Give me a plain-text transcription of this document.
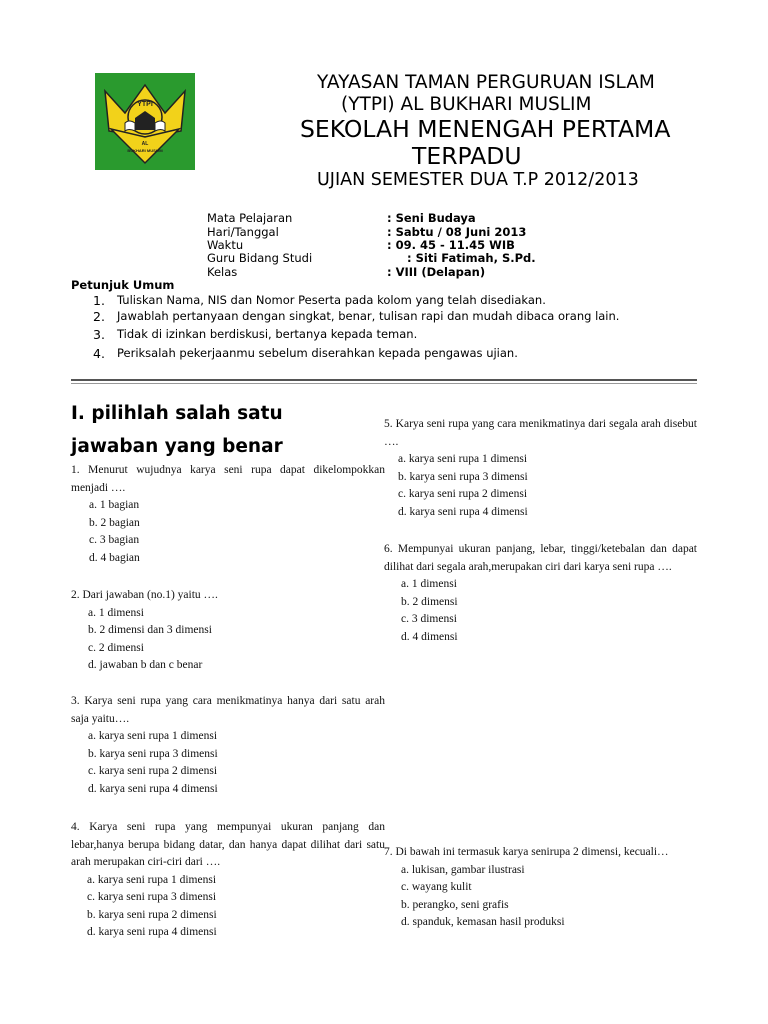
YTPI
AL
BUKHARI MUSLIM
YAYASAN TAMAN PERGURUAN ISLAM
(YTPI) AL BUKHARI MUSLIM
SEKOLAH MENENGAH PERTAMA
TERPADU
UJIAN SEMESTER DUA T.P 2012/2013
Mata Pelajaran	: Seni Budaya
Hari/Tanggal	: Sabtu / 08 Juni 2013
Waktu	: 09. 45 - 11.45 WIB
Guru Bidang Studi	: Siti Fatimah, S.Pd.
Kelas	: VIII (Delapan)
Petunjuk Umum
1. Tuliskan Nama, NIS dan Nomor Peserta pada kolom yang telah disediakan.
2. Jawablah pertanyaan dengan singkat, benar, tulisan rapi dan mudah dibaca orang lain.
3. Tidak di izinkan berdiskusi, bertanya kepada teman.
4. Periksalah pekerjaanmu sebelum diserahkan kepada pengawas ujian.
I. pilihlah salah satu jawaban yang benar
1. Menurut wujudnya karya seni rupa dapat dikelompokkan menjadi ….
a. 1 bagian
b. 2 bagian
c. 3 bagian
d. 4 bagian
2. Dari jawaban (no.1) yaitu ….
a. 1 dimensi
b. 2 dimensi dan 3 dimensi
c. 2 dimensi
d. jawaban b dan c benar
3. Karya seni rupa yang cara menikmatinya hanya dari satu arah saja yaitu….
a. karya seni rupa 1 dimensi
b. karya seni rupa 3 dimensi
c. karya seni rupa 2 dimensi
d. karya seni rupa 4 dimensi
4. Karya seni rupa yang mempunyai ukuran panjang dan lebar,hanya berupa bidang datar, dan hanya dapat dilihat dari satu arah merupakan ciri-ciri dari ….
a. karya seni rupa 1 dimensi
c. karya seni rupa 3 dimensi
b. karya seni rupa 2 dimensi
d. karya seni rupa 4 dimensi
5. Karya seni rupa yang cara menikmatinya dari segala arah disebut ….
a. karya seni rupa 1 dimensi
b. karya seni rupa 3 dimensi
c. karya seni rupa 2 dimensi
d. karya seni rupa 4 dimensi
6. Mempunyai ukuran panjang, lebar, tinggi/ketebalan dan dapat dilihat dari segala arah,merupakan ciri dari karya seni rupa ….
a. 1 dimensi
b. 2 dimensi
c. 3 dimensi
d. 4 dimensi
7. Di bawah ini termasuk karya senirupa 2 dimensi, kecuali…
a. lukisan, gambar ilustrasi
c. wayang kulit
b. perangko, seni grafis
d. spanduk, kemasan hasil produksi
